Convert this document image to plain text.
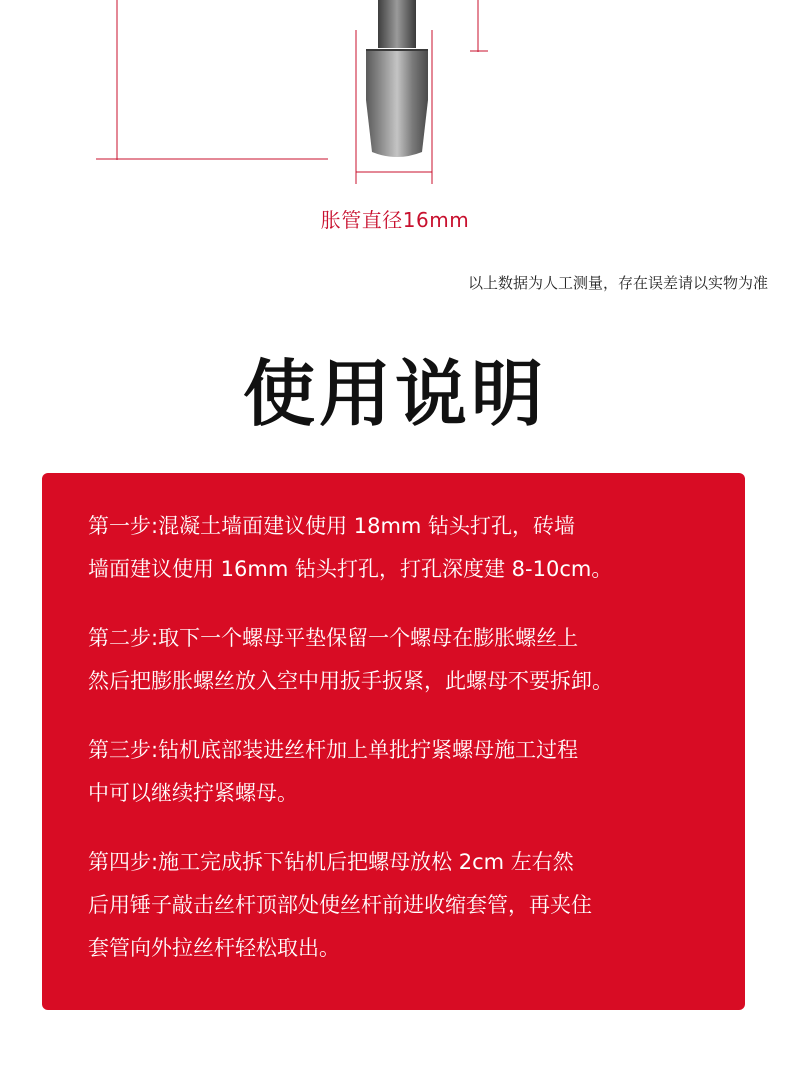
胀管直径16mm
以上数据为人工测量，存在误差请以实物为准
使用说明
第一步:混凝土墙面建议使用 18mm 钻头打孔，砖墙
墙面建议使用 16mm 钻头打孔，打孔深度建 8-10cm。
第二步:取下一个螺母平垫保留一个螺母在膨胀螺丝上
然后把膨胀螺丝放入空中用扳手扳紧，此螺母不要拆卸。
第三步:钻机底部装进丝杆加上单批拧紧螺母施工过程
中可以继续拧紧螺母。
第四步:施工完成拆下钻机后把螺母放松 2cm 左右然
后用锤子敲击丝杆顶部处使丝杆前进收缩套管，再夹住
套管向外拉丝杆轻松取出。
